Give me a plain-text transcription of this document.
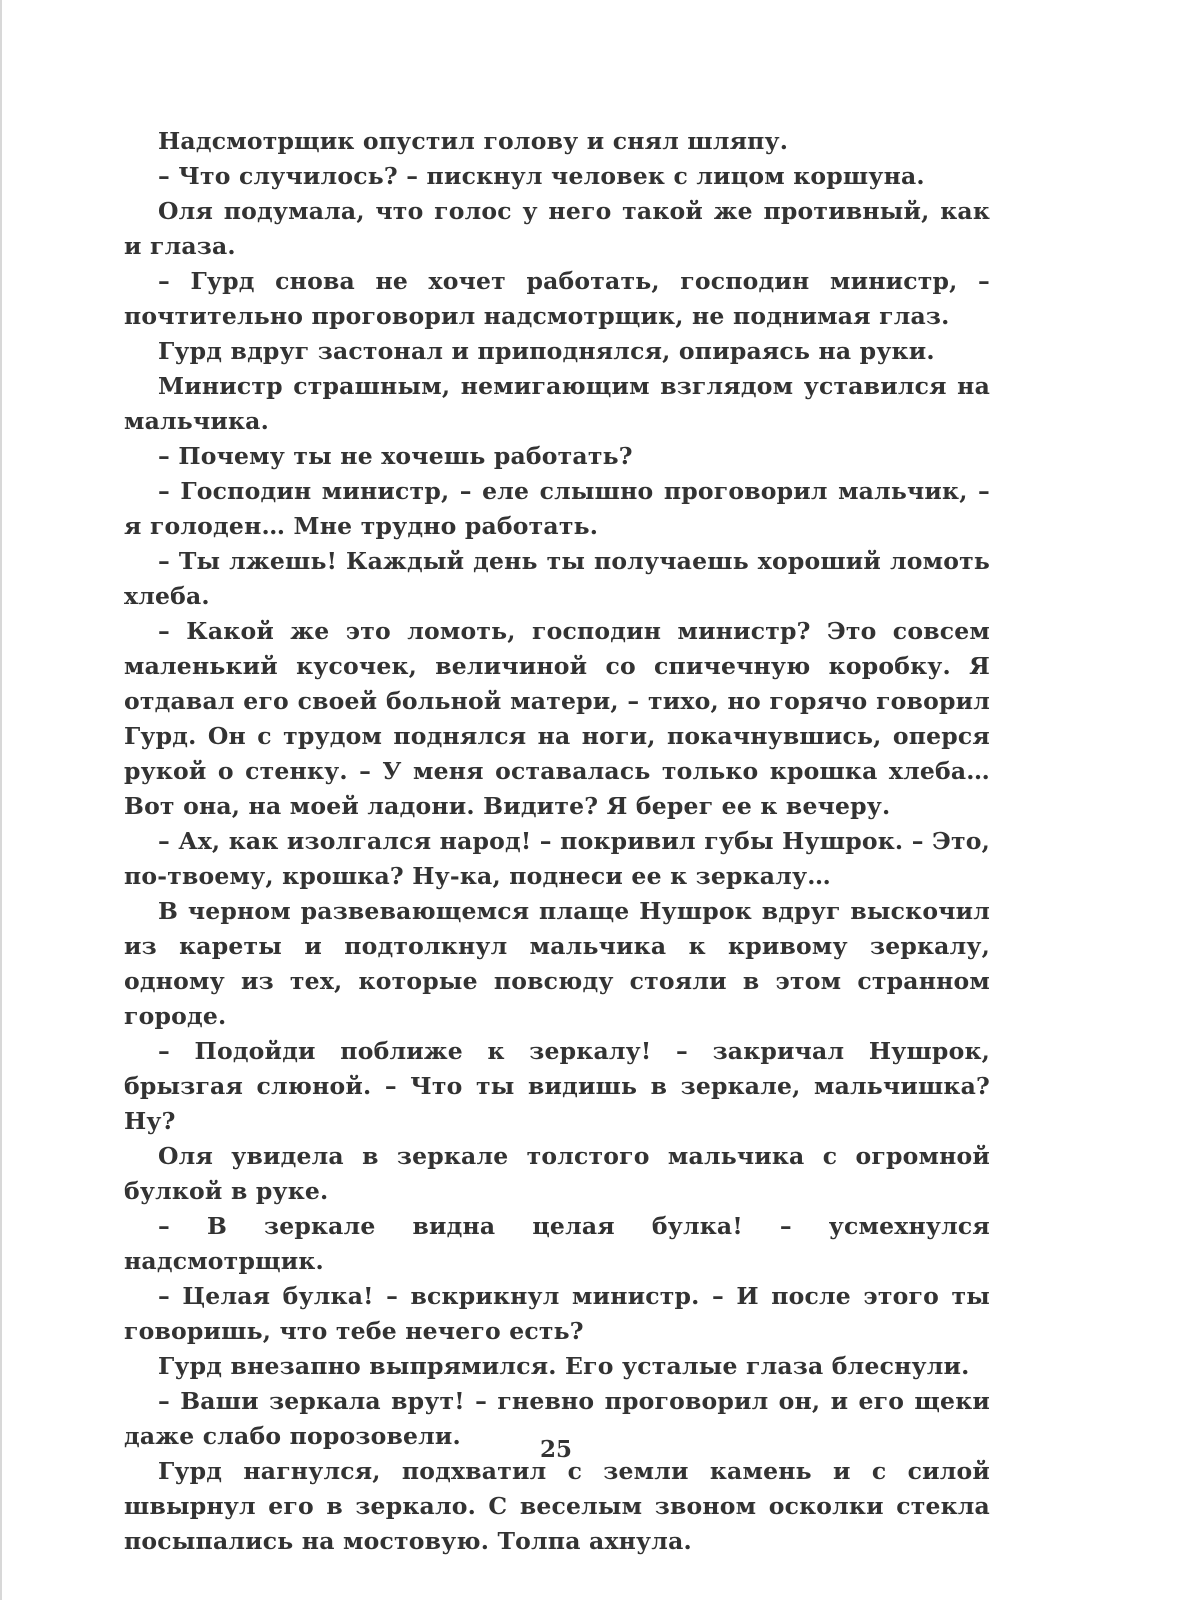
Надсмотрщик опустил голову и снял шляпу.

– Что случилось? – пискнул человек с лицом коршуна.

Оля подумала, что голос у него такой же противный, как и глаза.

– Гурд снова не хочет работать, господин министр, – почтительно проговорил надсмотрщик, не поднимая глаз.

Гурд вдруг застонал и приподнялся, опираясь на руки.

Министр страшным, немигающим взглядом уставился на мальчика.

– Почему ты не хочешь работать?

– Господин министр, – еле слышно проговорил мальчик, – я голоден… Мне трудно работать.

– Ты лжешь! Каждый день ты получаешь хороший ломоть хлеба.

– Какой же это ломоть, господин министр? Это совсем маленький кусочек, величиной со спичечную коробку. Я отдавал его своей больной матери, – тихо, но горячо говорил Гурд. Он с трудом поднялся на ноги, покачнувшись, оперся рукой о стенку. – У меня оставалась только крошка хлеба… Вот она, на моей ладони. Видите? Я берег ее к вечеру.

– Ах, как изолгался народ! – покривил губы Нушрок. – Это, по-твоему, крошка? Ну-ка, поднеси ее к зеркалу…

В черном развевающемся плаще Нушрок вдруг выскочил из кареты и подтолкнул мальчика к кривому зеркалу, одному из тех, которые повсюду стояли в этом странном городе.

– Подойди поближе к зеркалу! – закричал Нушрок, брызгая слюной. – Что ты видишь в зеркале, мальчишка? Ну?

Оля увидела в зеркале толстого мальчика с огромной булкой в руке.

– В зеркале видна целая булка! – усмехнулся надсмотрщик.

– Целая булка! – вскрикнул министр. – И после этого ты говоришь, что тебе нечего есть?

Гурд внезапно выпрямился. Его усталые глаза блеснули.

– Ваши зеркала врут! – гневно проговорил он, и его щеки даже слабо порозовели.

Гурд нагнулся, подхватил с земли камень и с силой швырнул его в зеркало. С веселым звоном осколки стекла посыпались на мостовую. Толпа ахнула.

25
